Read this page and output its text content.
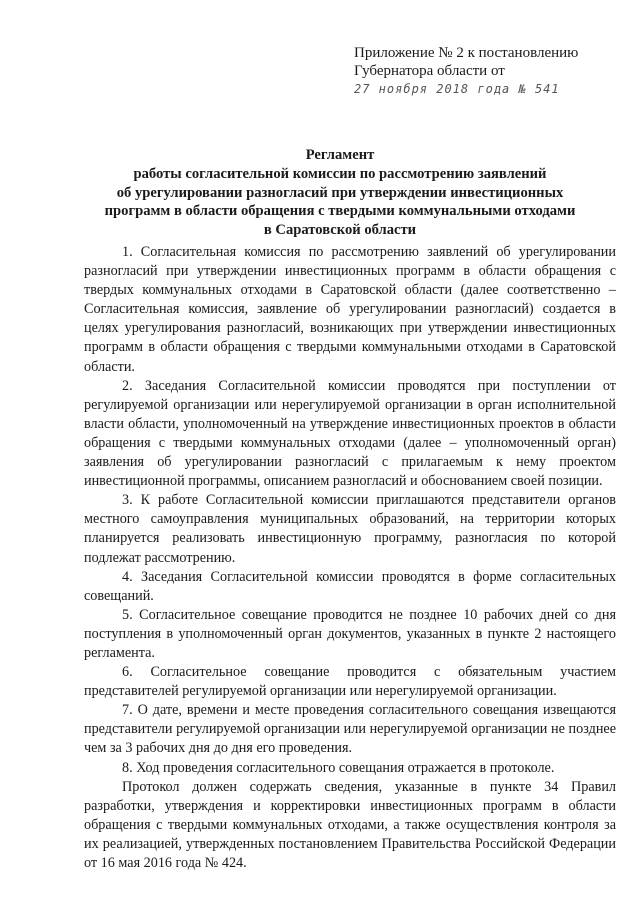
Приложение № 2 к постановлению
Губернатора области от
27 ноября 2018 года № 541
Регламент
работы согласительной комиссии по рассмотрению заявлений
об урегулировании разногласий при утверждении инвестиционных
программ в области обращения с твердыми коммунальными отходами
в Саратовской области

1. Согласительная комиссия по рассмотрению заявлений об урегулировании разногласий при утверждении инвестиционных программ в области обращения с твердых коммунальных отходами в Саратовской области (далее соответственно – Согласительная комиссия, заявление об урегулировании разногласий) создается в целях урегулирования разногласий, возникающих при утверждении инвестиционных программ в области обращения с твердыми коммунальными отходами в Саратовской области.

2. Заседания Согласительной комиссии проводятся при поступлении от регулируемой организации или нерегулируемой организации в орган исполнительной власти области, уполномоченный на утверждение инвестиционных проектов в области обращения с твердыми коммунальных отходами (далее – уполномоченный орган) заявления об урегулировании разногласий с прилагаемым к нему проектом инвестиционной программы, описанием разногласий и обоснованием своей позиции.

3. К работе Согласительной комиссии приглашаются представители органов местного самоуправления муниципальных образований, на территории которых планируется реализовать инвестиционную программу, разногласия по которой подлежат рассмотрению.

4. Заседания Согласительной комиссии проводятся в форме согласительных совещаний.

5. Согласительное совещание проводится не позднее 10 рабочих дней со дня поступления в уполномоченный орган документов, указанных в пункте 2 настоящего регламента.

6. Согласительное совещание проводится с обязательным участием представителей регулируемой организации или нерегулируемой организации.

7. О дате, времени и месте проведения согласительного совещания извещаются представители регулируемой организации или нерегулируемой организации не позднее чем за 3 рабочих дня до дня его проведения.

8. Ход проведения согласительного совещания отражается в протоколе.

Протокол должен содержать сведения, указанные в пункте 34 Правил разработки, утверждения и корректировки инвестиционных программ в области обращения с твердыми коммунальных отходами, а также осуществления контроля за их реализацией, утвержденных постановлением Правительства Российской Федерации от 16 мая 2016 года № 424.
